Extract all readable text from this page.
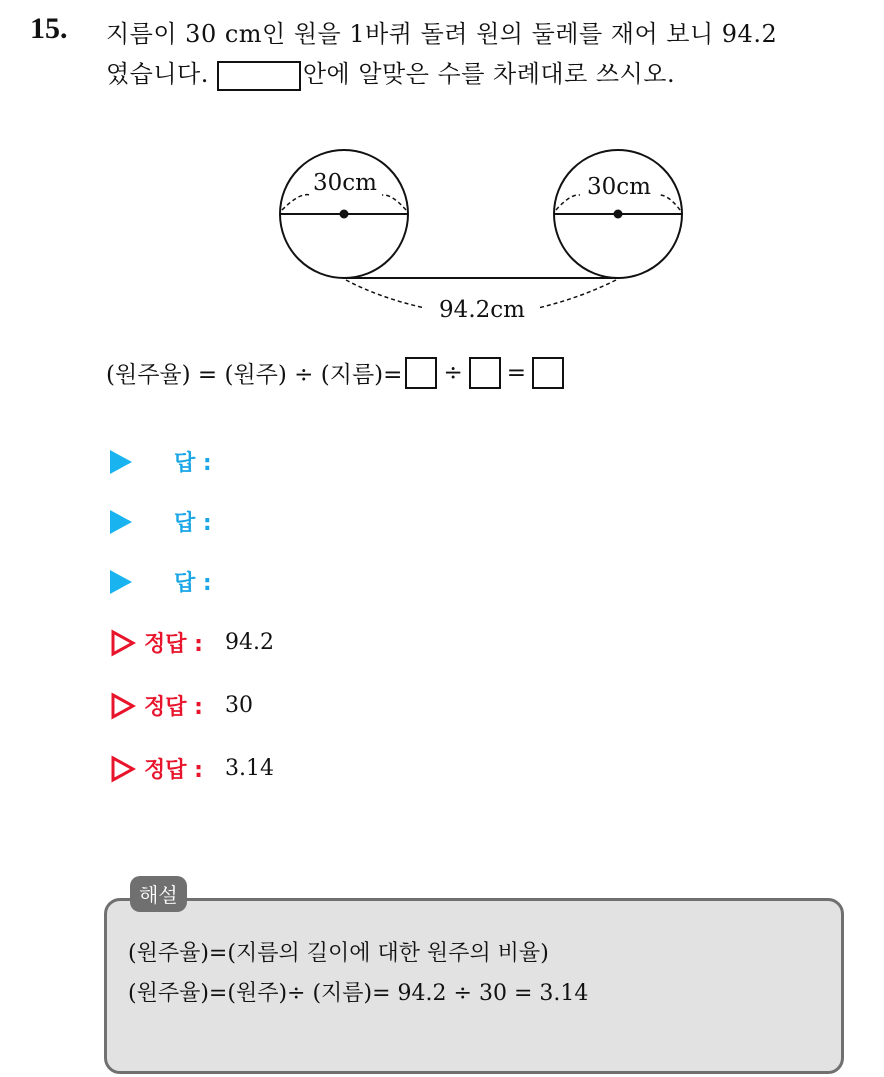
15. 지름이 30 cm인 원을 1바퀴 돌려 원의 둘레를 재어 보니 94.2
였습니다.	안에 알맞은 수를 차례대로 쓰시오.
30cm	30cm
94.2cm
(원주율) = (원주) ÷ (지름)= ÷ =
답 :
답 :
답 :
정답 : 94.2
정답 : 30
정답 : 3.14
해설
(원주율)=(지름의 길이에 대한 원주의 비율)
(원주율)=(원주)÷ (지름)= 94.2 ÷ 30 = 3.14
